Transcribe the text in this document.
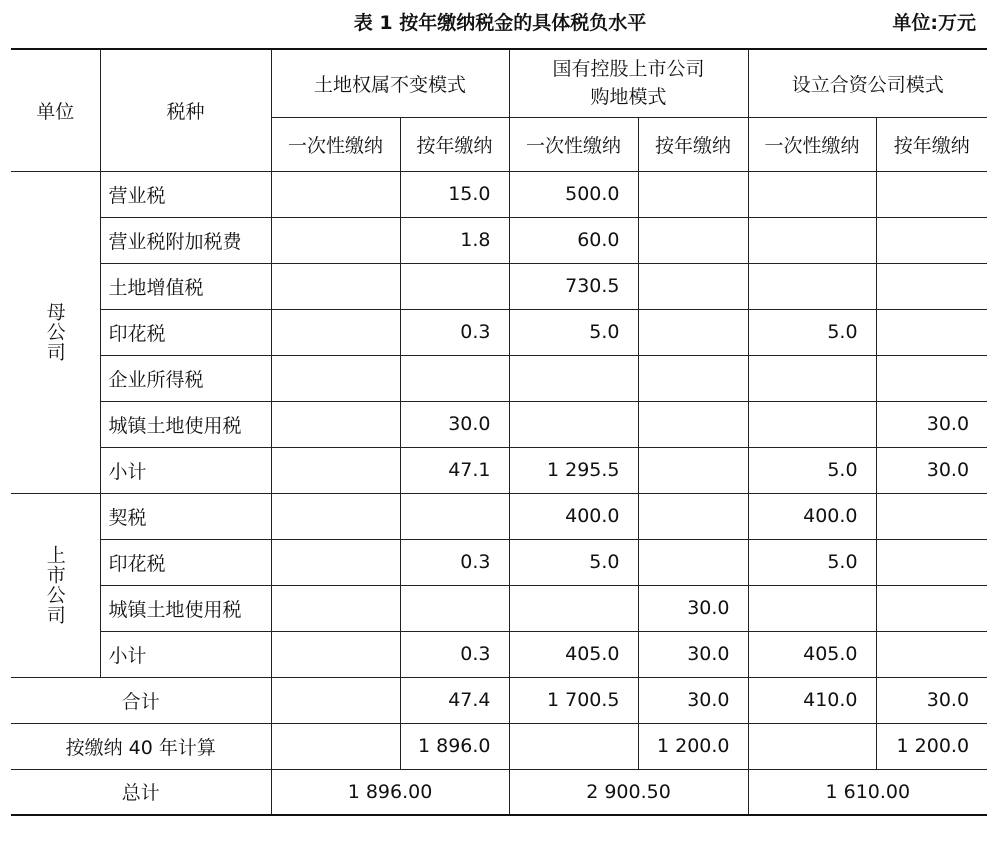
表 1 按年缴纳税金的具体税负水平	单位:万元
单位	税种	土地权属不变模式		国有控股上市公司
购地模式		设立合资公司模式	
		一次性缴纳	按年缴纳	一次性缴纳	按年缴纳	一次性缴纳	按年缴纳

母公司	营业税		15.0	500.0			
	营业税附加税费		1.8	60.0			
	土地增值税			730.5			
	印花税		0.3	5.0		5.0	
	企业所得税						
	城镇土地使用税		30.0				30.0
	小计		47.1	1 295.5		5.0	30.0

上市公司	契税			400.0		400.0	
	印花税		0.3	5.0		5.0	
	城镇土地使用税				30.0		
	小计		0.3	405.0	30.0	405.0	
合计			47.4	1 700.5	30.0	410.0	30.0
按缴纳 40 年计算			1 896.0		1 200.0		1 200.0
总计		1 896.00		2 900.50		1 610.00	
